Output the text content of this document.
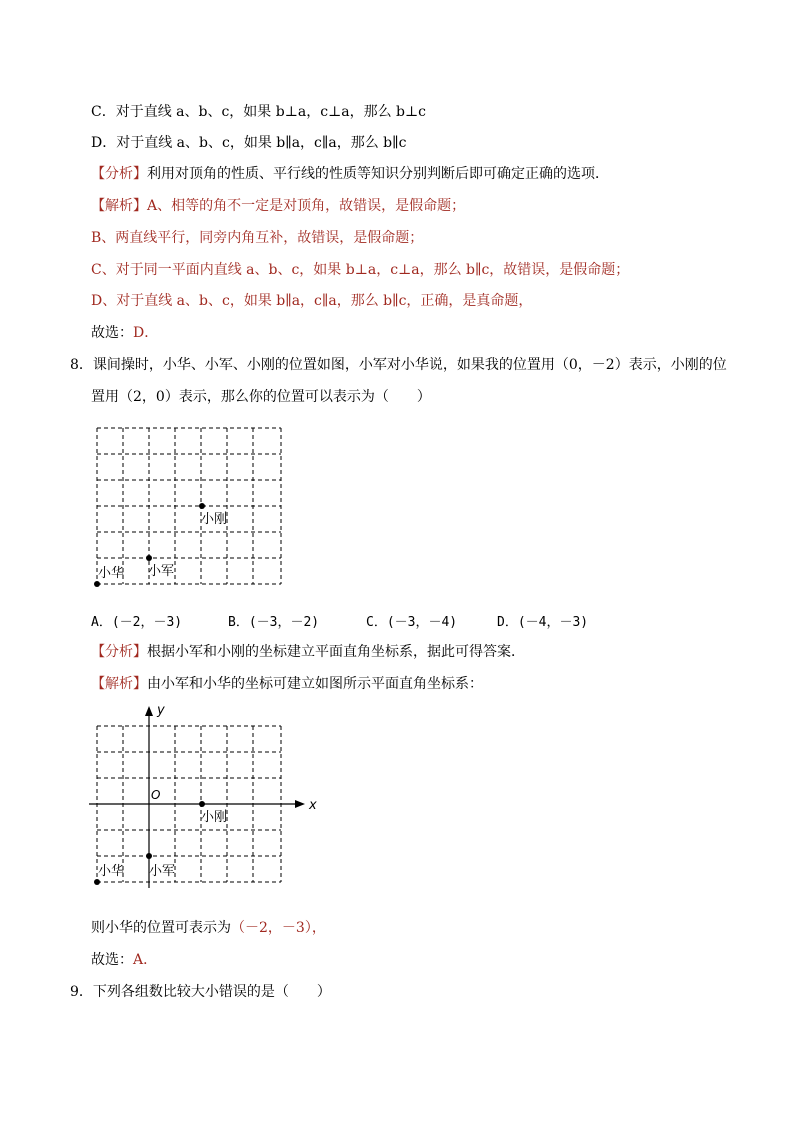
C．对于直线 a、b、c，如果 b⊥a，c⊥a，那么 b⊥c
D．对于直线 a、b、c，如果 b∥a，c∥a，那么 b∥c
【分析】利用对顶角的性质、平行线的性质等知识分别判断后即可确定正确的选项．
【解析】A、相等的角不一定是对顶角，故错误，是假命题；
B、两直线平行，同旁内角互补，故错误，是假命题；
C、对于同一平面内直线 a、b、c，如果 b⊥a，c⊥a，那么 b∥c，故错误，是假命题；
D、对于直线 a、b、c，如果 b∥a，c∥a，那么 b∥c，正确，是真命题，
故选：D．
8．课间操时，小华、小军、小刚的位置如图，小军对小华说，如果我的位置用（0，－2）表示，小刚的位
置用（2，0）表示，那么你的位置可以表示为（　　）
小刚
小军
小华
A．(－2，－3)	B．(－3，－2)	C．(－3，－4)	D．(－4，－3)
【分析】根据小军和小刚的坐标建立平面直角坐标系，据此可得答案．
【解析】由小军和小华的坐标可建立如图所示平面直角坐标系：
x
y
O
小刚
小军
小华
则小华的位置可表示为（－2，－3），
故选：A．
9．下列各组数比较大小错误的是（　　）
